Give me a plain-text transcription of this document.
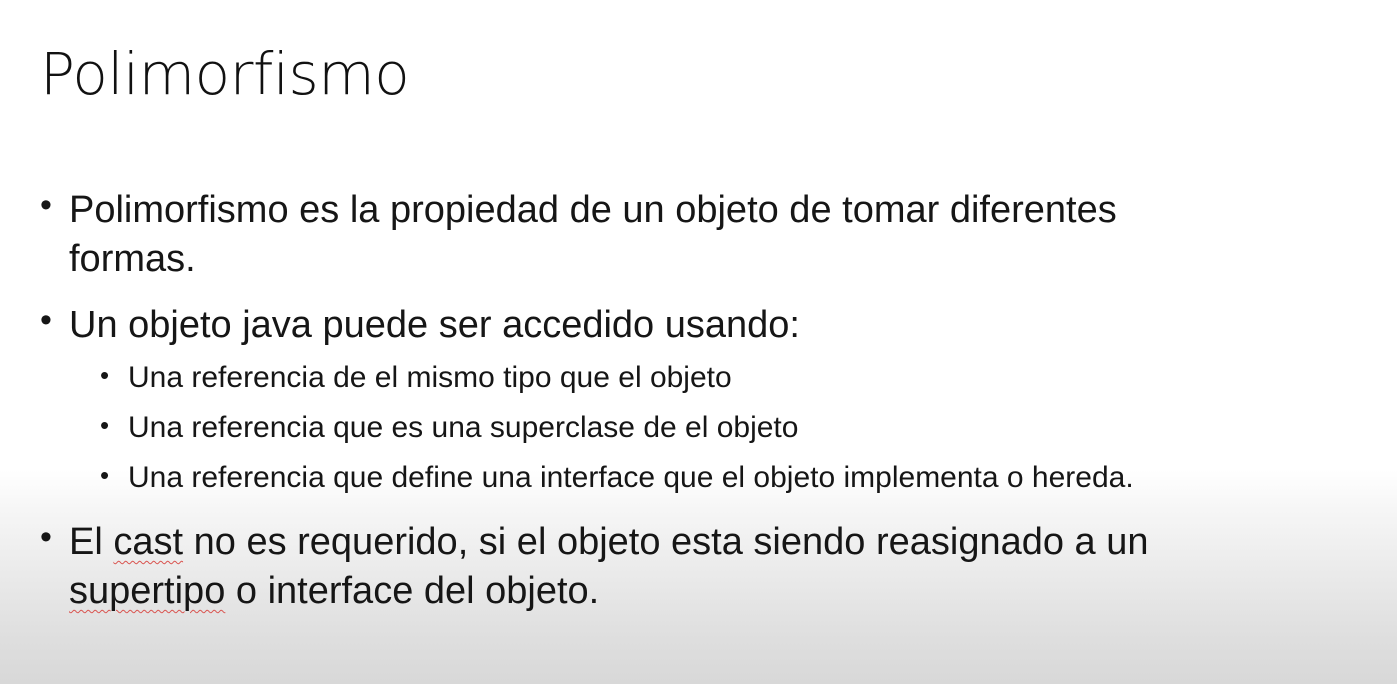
Polimorfismo
• Polimorfismo es la propiedad de un objeto de tomar diferentes
formas.
• Un objeto java puede ser accedido usando:
• Una referencia de el mismo tipo que el objeto
• Una referencia que es una superclase de el objeto
• Una referencia que define una interface que el objeto implementa o hereda.
• El cast no es requerido, si el objeto esta siendo reasignado a un
supertipo o interface del objeto.
